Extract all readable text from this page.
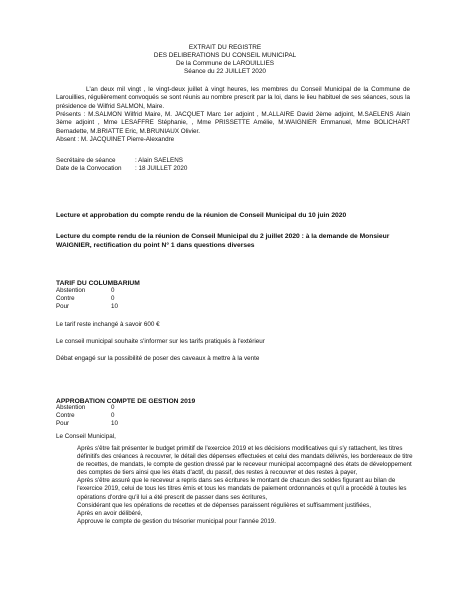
EXTRAIT DU REGISTRE
DES DELIBERATIONS DU CONSEIL MUNICIPAL
De la Commune de LAROUILLIES
Séance du 22 JUILLET 2020
L'an deux mil vingt , le vingt-deux juillet à vingt heures, les membres du Conseil Municipal de la Commune de Larouillies, régulièrement convoqués se sont réunis au nombre prescrit par la loi, dans le lieu habituel de ses séances, sous la présidence de Wilfrid SALMON, Maire.
Présents : M.SALMON Wilfrid Maire, M. JACQUET Marc 1er adjoint , M.ALLAIRE David 2ème adjoint, M.SAELENS Alain 3ème adjoint , Mme LESAFFRE Stéphanie, , Mme PRISSETTE Amélie, M.WAIGNIER Emmanuel, Mme BOLICHART Bernadette, M.BRIATTE Eric, M.BRUNIAUX Olivier.
Absent : M. JACQUINET Pierre-Alexandre
Secrétaire de séance	: Alain SAELENS
Date de la Convocation : 18 JUILLET 2020
Lecture et approbation du compte rendu de la réunion de Conseil Municipal du 10 juin 2020
Lecture du compte rendu de la réunion de Conseil Municipal du 2 juillet 2020 : à la demande de Monsieur WAIGNIER, rectification du point N° 1 dans questions diverses
TARIF DU COLUMBARIUM
Abstention	0
Contre	0
Pour	10
Le tarif reste inchangé à savoir 600 €
Le conseil municipal souhaite s'informer sur les tarifs pratiqués à l'extérieur
Débat engagé sur la possibilité de poser des caveaux à mettre à la vente
APPROBATION COMPTE DE GESTION 2019
Abstention	0
Contre	0
Pour	10
Le Conseil Municipal,

Après s'être fait présenter le budget primitif de l'exercice 2019 et les décisions modificatives qui s'y rattachent, les titres définitifs des créances à recouvrer, le détail des dépenses effectuées et celui des mandats délivrés, les bordereaux de titre de recettes, de mandats, le compte de gestion dressé par le receveur municipal accompagné des états de développement des comptes de tiers ainsi que les états d'actif, du passif, des restes à recouvrer et des restes à payer,

Après s'être assuré que le receveur a repris dans ses écritures le montant de chacun des soldes figurant au bilan de l'exercice 2019, celui de tous les titres émis et tous les mandats de paiement ordonnancés et qu'il a procédé à toutes les opérations d'ordre qu'il lui a été prescrit de passer dans ses écritures,

Considérant que les opérations de recettes et de dépenses paraissent régulières et suffisamment justifiées,

Après en avoir délibéré,

Approuve le compte de gestion du trésorier municipal pour l'année 2019.
